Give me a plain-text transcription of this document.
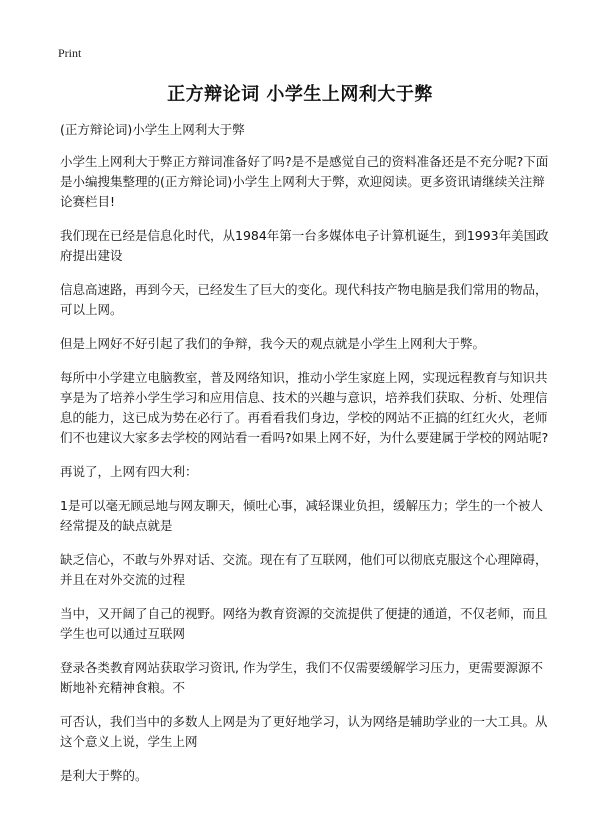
Print
正方辩论词 小学生上网利大于弊

(正方辩论词)小学生上网利大于弊

小学生上网利大于弊正方辩词准备好了吗?是不是感觉自己的资料准备还是不充分呢?下面是小编搜集整理的(正方辩论词)小学生上网利大于弊，欢迎阅读。更多资讯请继续关注辩论赛栏目!

我们现在已经是信息化时代，从1984年第一台多媒体电子计算机诞生，到1993年美国政府提出建设

信息高速路，再到今天，已经发生了巨大的变化。现代科技产物电脑是我们常用的物品，可以上网。

但是上网好不好引起了我们的争辩，我今天的观点就是小学生上网利大于弊。

每所中小学建立电脑教室，普及网络知识，推动小学生家庭上网，实现远程教育与知识共享是为了培养小学生学习和应用信息、技术的兴趣与意识，培养我们获取、分析、处理信息的能力，这已成为势在必行了。再看看我们身边，学校的网站不正搞的红红火火，老师们不也建议大家多去学校的网站看一看吗?如果上网不好，为什么要建属于学校的网站呢?

再说了，上网有四大利：

1是可以毫无顾忌地与网友聊天，倾吐心事，减轻课业负担，缓解压力；学生的一个被人经常提及的缺点就是

缺乏信心，不敢与外界对话、交流。现在有了互联网，他们可以彻底克服这个心理障碍，并且在对外交流的过程

当中，又开阔了自己的视野。网络为教育资源的交流提供了便捷的通道，不仅老师，而且学生也可以通过互联网

登录各类教育网站获取学习资讯, 作为学生，我们不仅需要缓解学习压力，更需要源源不断地补充精神食粮。不

可否认，我们当中的多数人上网是为了更好地学习，认为网络是辅助学业的一大工具。从这个意义上说，学生上网

是利大于弊的。
